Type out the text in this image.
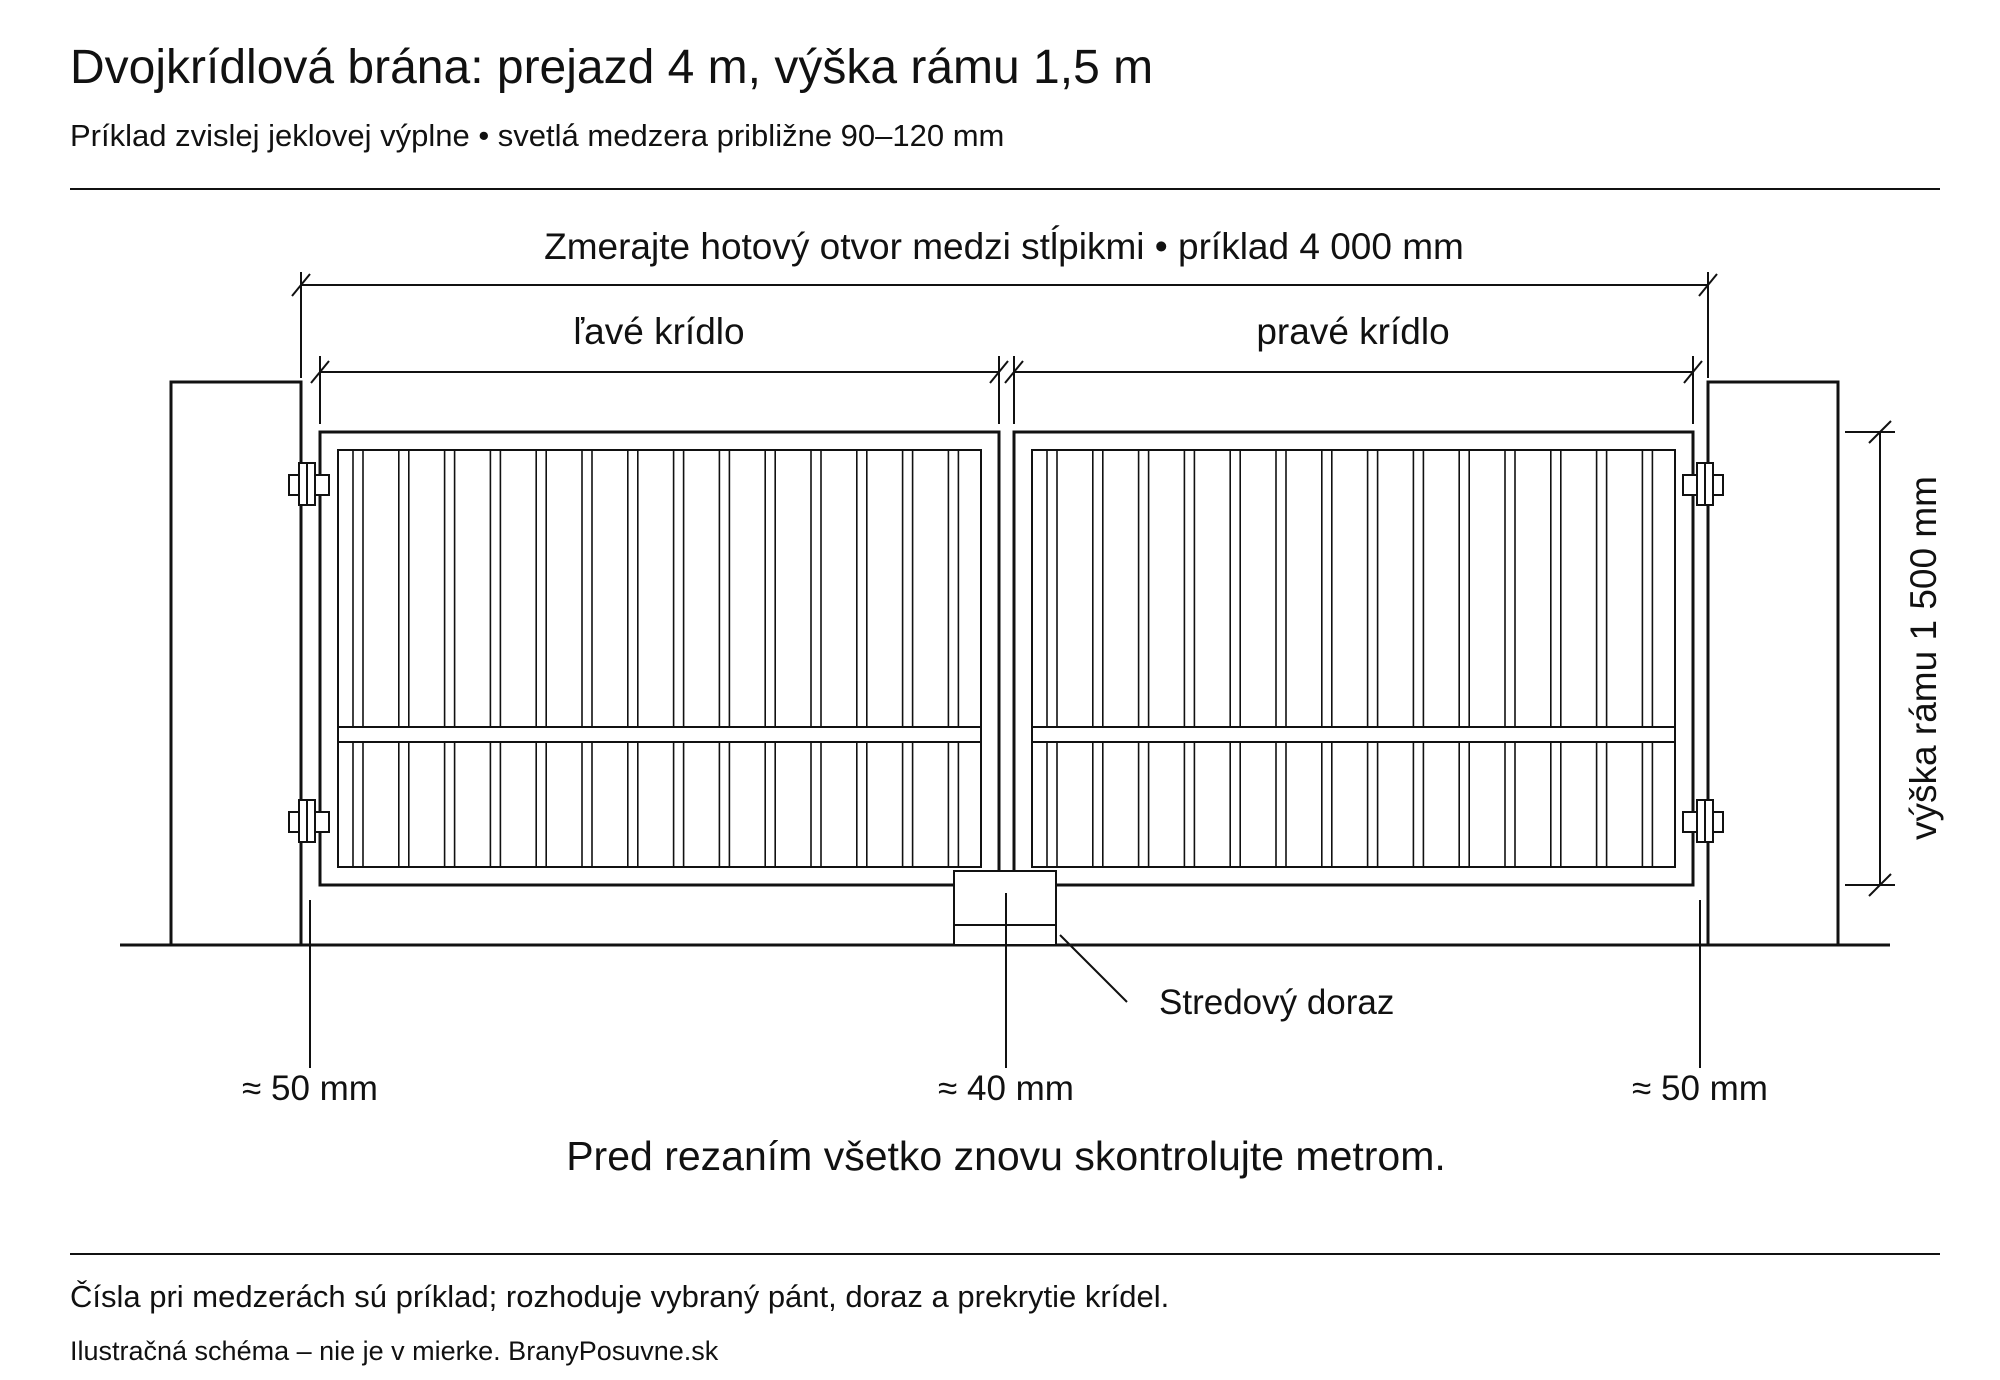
Dvojkrídlová brána: prejazd 4 m, výška rámu 1,5 m
Príklad zvislej jeklovej výplne • svetlá medzera približne 90–120 mm
Zmerajte hotový otvor medzi stĺpikmi • príklad 4 000 mm
ľavé krídlo	pravé krídlo
Stredový doraz
≈ 50 mm	≈ 40 mm	≈ 50 mm
Pred rezaním všetko znovu skontrolujte metrom.
výška rámu 1 500 mm
Čísla pri medzerách sú príklad; rozhoduje vybraný pánt, doraz a prekrytie krídel.
Ilustračná schéma – nie je v mierke. BranyPosuvne.sk
